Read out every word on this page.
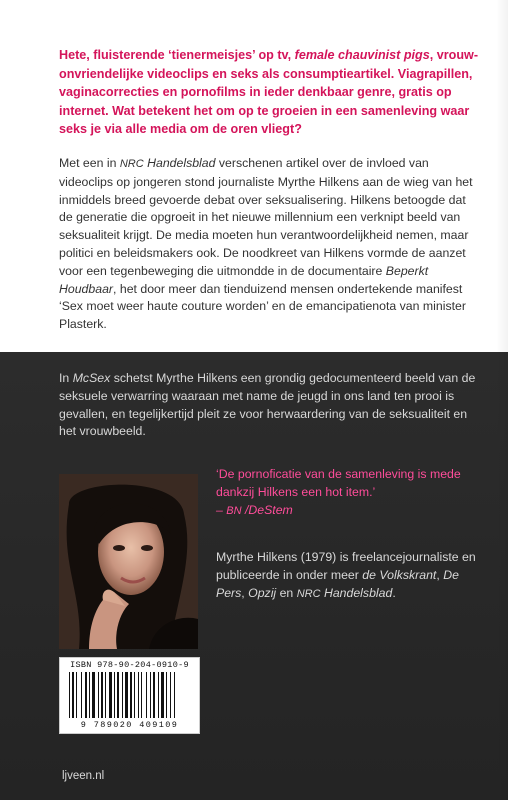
Hete, fluisterende ‘tienermeisjes’ op tv, female chauvinist pigs, vrouwonvriendelijke videoclips en seks als consumptieartikel. Viagrapillen, vaginacorrecties en pornofilms in ieder denkbaar genre, gratis op internet. Wat betekent het om op te groeien in een samenleving waar seks je via alle media om de oren vliegt?

Met een in NRC Handelsblad verschenen artikel over de invloed van videoclips op jongeren stond journaliste Myrthe Hilkens aan de wieg van het inmiddels breed gevoerde debat over seksualisering. Hilkens betoogde dat de generatie die opgroeit in het nieuwe millennium een verknipt beeld van seksualiteit krijgt. De media moeten hun verantwoordelijkheid nemen, maar politici en beleidsmakers ook. De noodkreet van Hilkens vormde de aanzet voor een tegenbeweging die uitmondde in de documentaire Beperkt Houdbaar, het door meer dan tienduizend mensen ondertekende manifest ‘Sex moet weer haute couture worden’ en de emancipatienota van minister Plasterk.

In McSex schetst Myrthe Hilkens een grondig gedocumenteerd beeld van de seksuele verwarring waaraan met name de jeugd in ons land ten prooi is gevallen, en tegelijkertijd pleit ze voor herwaardering van de seksualiteit en het vrouwbeeld.

ISBN 978-90-204-0910-9
9 789020 409109

‘De pornoficatie van de samenleving is mede dankzij Hilkens een hot item.’
– BN /DeStem

Myrthe Hilkens (1979) is freelancejournaliste en publiceerde in onder meer de Volkskrant, De Pers, Opzij en NRC Handelsblad.

ljveen.nl
